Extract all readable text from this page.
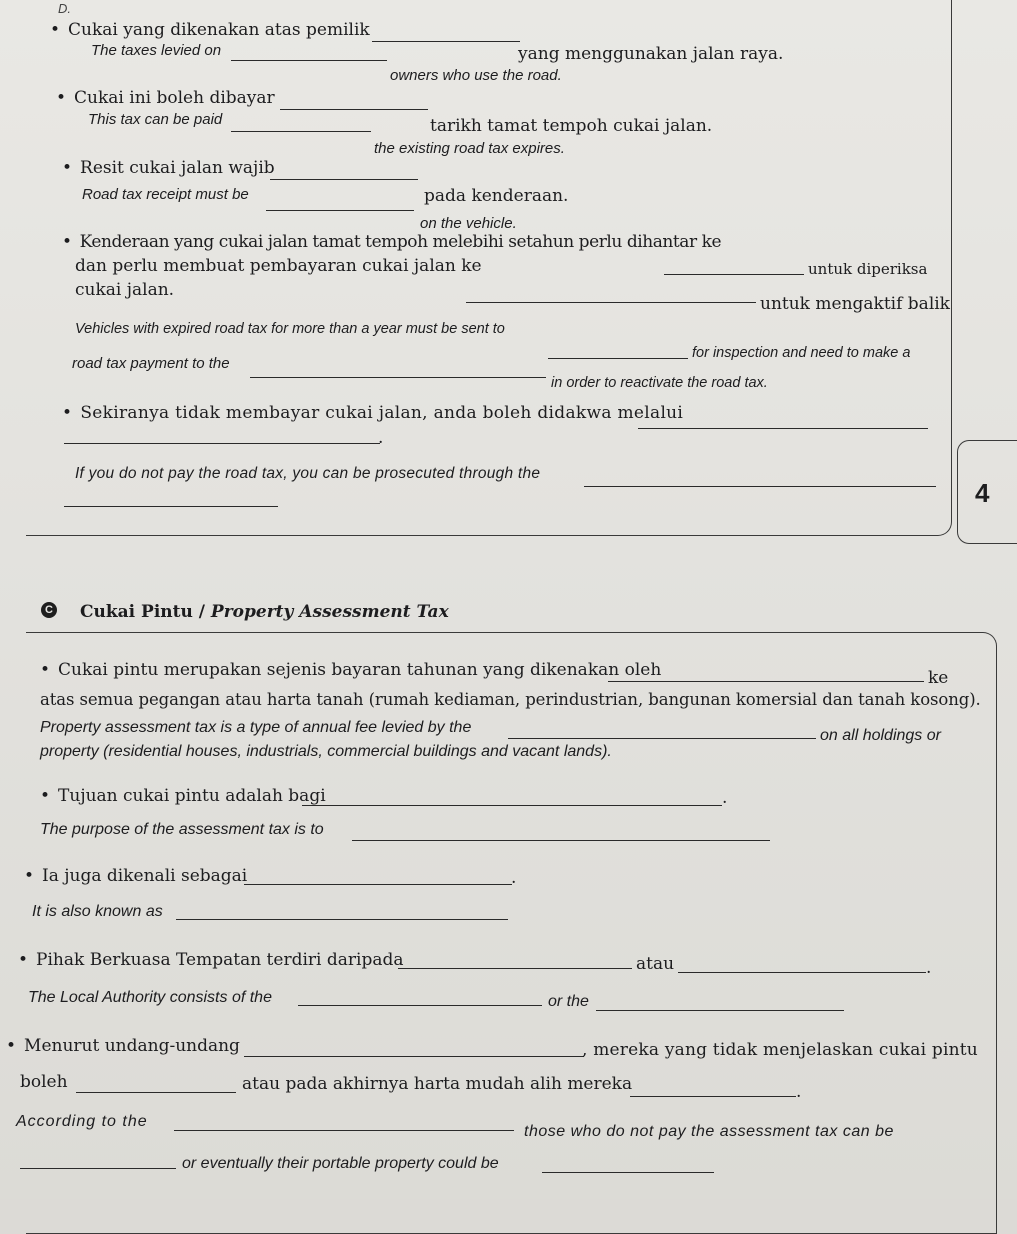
D.
4
• Cukai yang dikenakan atas pemilik
yang menggunakan jalan raya.
The taxes levied on
owners who use the road.
• Cukai ini boleh dibayar
tarikh tamat tempoh cukai jalan.
This tax can be paid
the existing road tax expires.
• Resit cukai jalan wajib
pada kenderaan.
Road tax receipt must be
on the vehicle.
• Kenderaan yang cukai jalan tamat tempoh melebihi setahun perlu dihantar ke
untuk diperiksa
dan perlu membuat pembayaran cukai jalan ke
untuk mengaktif balik
cukai jalan.
Vehicles with expired road tax for more than a year must be sent to
for inspection and need to make a
road tax payment to the
in order to reactivate the road tax.
• Sekiranya tidak membayar cukai jalan, anda boleh didakwa melalui
.
If you do not pay the road tax, you can be prosecuted through the
C Cukai Pintu / Property Assessment Tax
• Cukai pintu merupakan sejenis bayaran tahunan yang dikenakan oleh	ke
atas semua pegangan atau harta tanah (rumah kediaman, perindustrian, bangunan komersial dan tanah kosong).
Property assessment tax is a type of annual fee levied by the	on all holdings or
property (residential houses, industrials, commercial buildings and vacant lands).
• Tujuan cukai pintu adalah bagi	.
The purpose of the assessment tax is to
• Ia juga dikenali sebagai	.
It is also known as
• Pihak Berkuasa Tempatan terdiri daripada	atau	.
The Local Authority consists of the	or the
• Menurut undang-undang	, mereka yang tidak menjelaskan cukai pintu
boleh	atau pada akhirnya harta mudah alih mereka	.
According to the
those who do not pay the assessment tax can be
or eventually their portable property could be
